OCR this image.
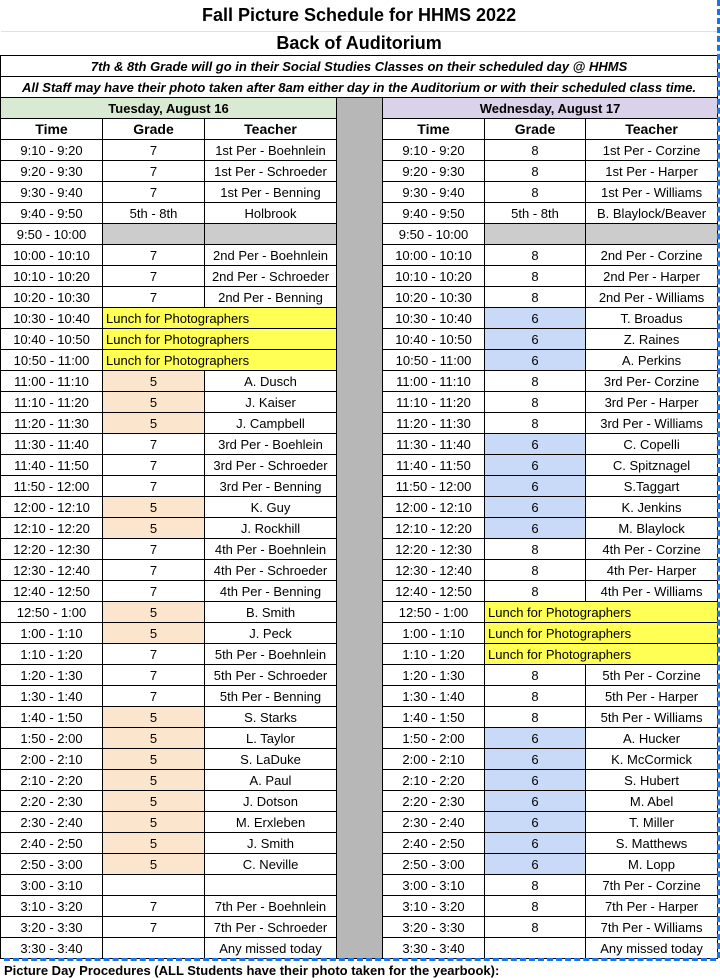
Fall Picture Schedule for HHMS 2022						
Back of Auditorium						
7th & 8th Grade will go in their Social Studies Classes on their scheduled day @ HHMS						
All Staff may have their photo taken after 8am either day in the Auditorium or with their scheduled class time.						
Tuesday, August 16				Wednesday, August 17		
Time	Grade	Teacher		Time	Grade	Teacher
9:10 - 9:20	7	1st Per - Boehnlein		9:10 - 9:20	8	1st Per - Corzine
9:20 - 9:30	7	1st Per - Schroeder		9:20 - 9:30	8	1st Per - Harper
9:30 - 9:40	7	1st Per - Benning		9:30 - 9:40	8	1st Per - Williams
9:40 - 9:50	5th - 8th	Holbrook		9:40 - 9:50	5th - 8th	B. Blaylock/Beaver
9:50 - 10:00				9:50 - 10:00		
10:00 - 10:10	7	2nd Per - Boehnlein		10:00 - 10:10	8	2nd Per - Corzine
10:10 - 10:20	7	2nd Per - Schroeder		10:10 - 10:20	8	2nd Per - Harper
10:20 - 10:30	7	2nd Per - Benning		10:20 - 10:30	8	2nd Per - Williams
10:30 - 10:40	Lunch for Photographers			10:30 - 10:40	6	T. Broadus
10:40 - 10:50	Lunch for Photographers			10:40 - 10:50	6	Z. Raines
10:50 - 11:00	Lunch for Photographers			10:50 - 11:00	6	A. Perkins
11:00 - 11:10	5	A. Dusch		11:00 - 11:10	8	3rd Per- Corzine
11:10 - 11:20	5	J. Kaiser		11:10 - 11:20	8	3rd Per - Harper
11:20 - 11:30	5	J. Campbell		11:20 - 11:30	8	3rd Per - Williams
11:30 - 11:40	7	3rd Per - Boehlein		11:30 - 11:40	6	C. Copelli
11:40 - 11:50	7	3rd Per - Schroeder		11:40 - 11:50	6	C. Spitznagel
11:50 - 12:00	7	3rd Per - Benning		11:50 - 12:00	6	S.Taggart
12:00 - 12:10	5	K. Guy		12:00 - 12:10	6	K. Jenkins
12:10 - 12:20	5	J. Rockhill		12:10 - 12:20	6	M. Blaylock
12:20 - 12:30	7	4th Per - Boehnlein		12:20 - 12:30	8	4th Per - Corzine
12:30 - 12:40	7	4th Per - Schroeder		12:30 - 12:40	8	4th Per- Harper
12:40 - 12:50	7	4th Per - Benning		12:40 - 12:50	8	4th Per - Williams
12:50 - 1:00	5	B. Smith		12:50 - 1:00	Lunch for Photographers	
1:00 - 1:10	5	J. Peck		1:00 - 1:10	Lunch for Photographers	
1:10 - 1:20	7	5th Per - Boehnlein		1:10 - 1:20	Lunch for Photographers	
1:20 - 1:30	7	5th Per - Schroeder		1:20 - 1:30	8	5th Per - Corzine
1:30 - 1:40	7	5th Per - Benning		1:30 - 1:40	8	5th Per - Harper
1:40 - 1:50	5	S. Starks		1:40 - 1:50	8	5th Per - Williams
1:50 - 2:00	5	L. Taylor		1:50 - 2:00	6	A. Hucker
2:00 - 2:10	5	S. LaDuke		2:00 - 2:10	6	K. McCormick
2:10 - 2:20	5	A. Paul		2:10 - 2:20	6	S. Hubert
2:20 - 2:30	5	J. Dotson		2:20 - 2:30	6	M. Abel
2:30 - 2:40	5	M. Erxleben		2:30 - 2:40	6	T. Miller
2:40 - 2:50	5	J. Smith		2:40 - 2:50	6	S. Matthews
2:50 - 3:00	5	C. Neville		2:50 - 3:00	6	M. Lopp
3:00 - 3:10				3:00 - 3:10	8	7th Per - Corzine
3:10 - 3:20	7	7th Per - Boehnlein		3:10 - 3:20	8	7th Per - Harper
3:20 - 3:30	7	7th Per - Schroeder		3:20 - 3:30	8	7th Per - Williams
3:30 - 3:40		Any missed today		3:30 - 3:40		Any missed today
Picture Day Procedures (ALL Students have their photo taken for the yearbook):
